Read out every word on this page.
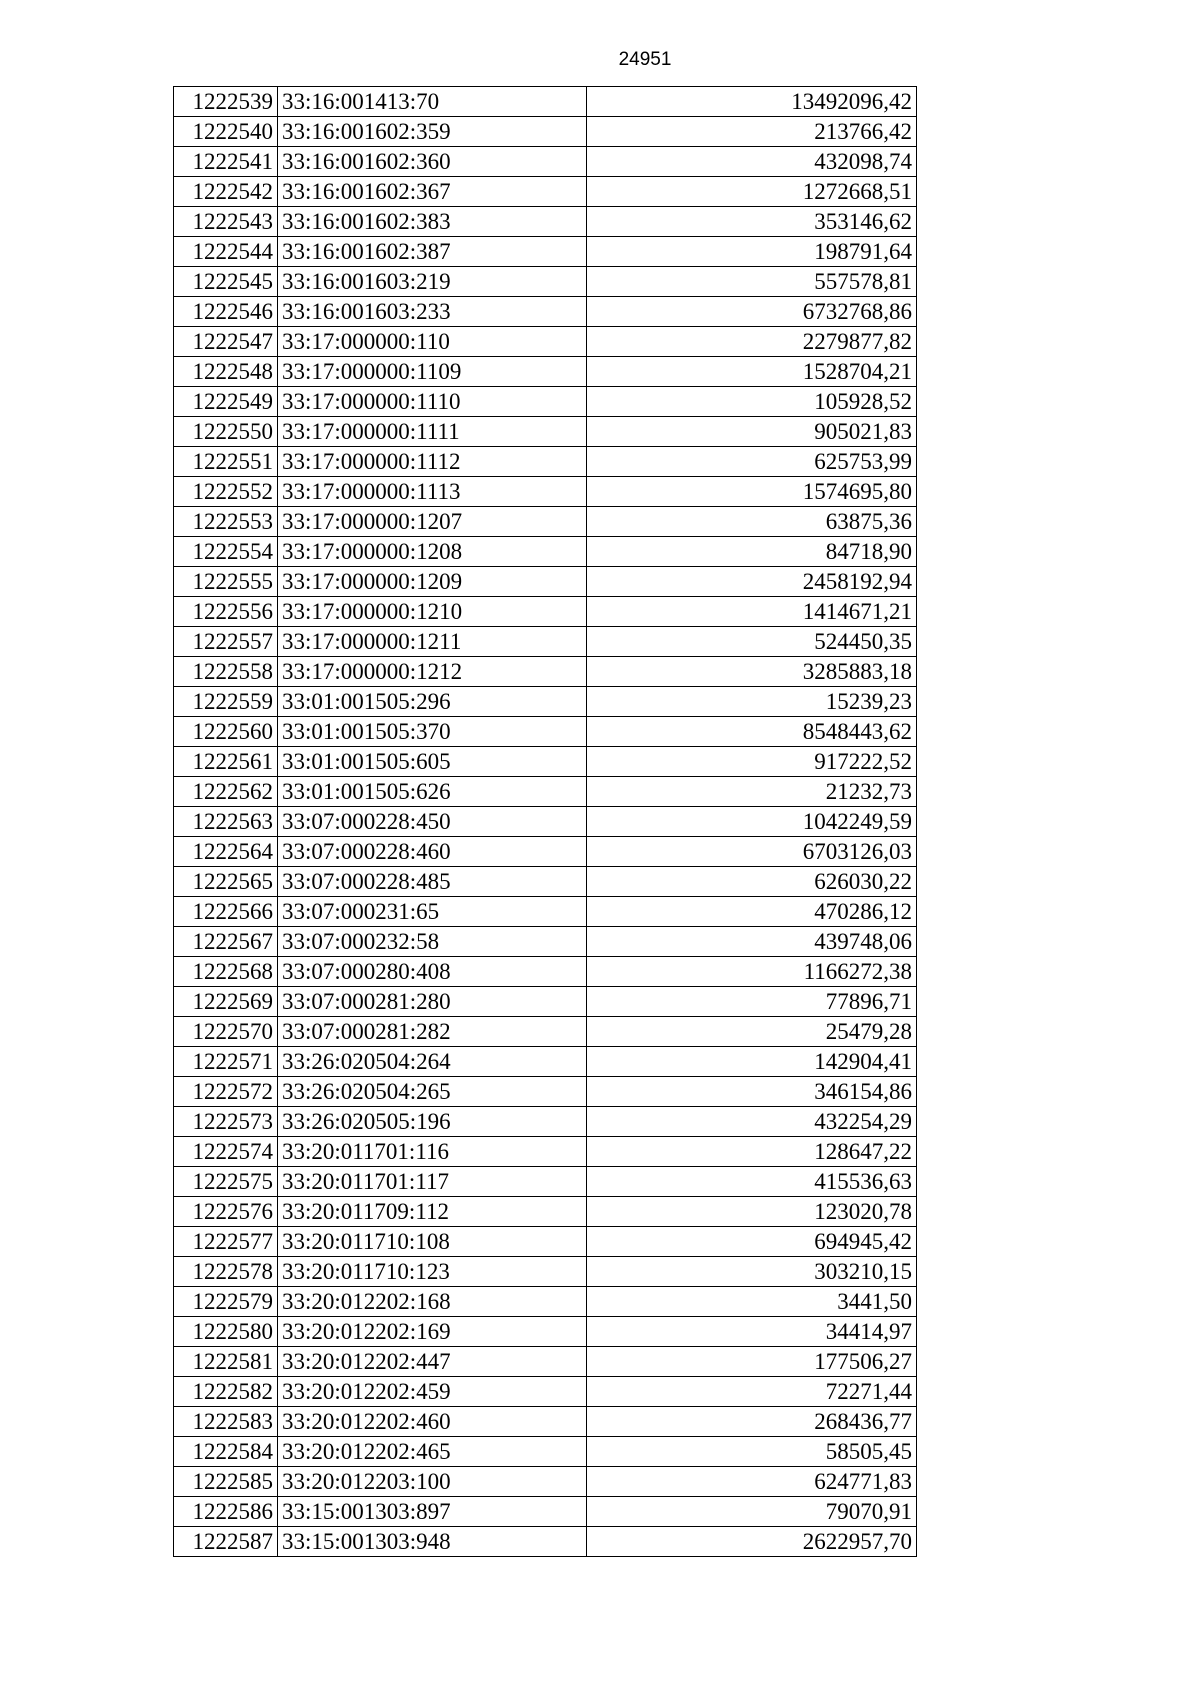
24951
1222539	33:16:001413:70	13492096,42
1222540	33:16:001602:359	213766,42
1222541	33:16:001602:360	432098,74
1222542	33:16:001602:367	1272668,51
1222543	33:16:001602:383	353146,62
1222544	33:16:001602:387	198791,64
1222545	33:16:001603:219	557578,81
1222546	33:16:001603:233	6732768,86
1222547	33:17:000000:110	2279877,82
1222548	33:17:000000:1109	1528704,21
1222549	33:17:000000:1110	105928,52
1222550	33:17:000000:1111	905021,83
1222551	33:17:000000:1112	625753,99
1222552	33:17:000000:1113	1574695,80
1222553	33:17:000000:1207	63875,36
1222554	33:17:000000:1208	84718,90
1222555	33:17:000000:1209	2458192,94
1222556	33:17:000000:1210	1414671,21
1222557	33:17:000000:1211	524450,35
1222558	33:17:000000:1212	3285883,18
1222559	33:01:001505:296	15239,23
1222560	33:01:001505:370	8548443,62
1222561	33:01:001505:605	917222,52
1222562	33:01:001505:626	21232,73
1222563	33:07:000228:450	1042249,59
1222564	33:07:000228:460	6703126,03
1222565	33:07:000228:485	626030,22
1222566	33:07:000231:65	470286,12
1222567	33:07:000232:58	439748,06
1222568	33:07:000280:408	1166272,38
1222569	33:07:000281:280	77896,71
1222570	33:07:000281:282	25479,28
1222571	33:26:020504:264	142904,41
1222572	33:26:020504:265	346154,86
1222573	33:26:020505:196	432254,29
1222574	33:20:011701:116	128647,22
1222575	33:20:011701:117	415536,63
1222576	33:20:011709:112	123020,78
1222577	33:20:011710:108	694945,42
1222578	33:20:011710:123	303210,15
1222579	33:20:012202:168	3441,50
1222580	33:20:012202:169	34414,97
1222581	33:20:012202:447	177506,27
1222582	33:20:012202:459	72271,44
1222583	33:20:012202:460	268436,77
1222584	33:20:012202:465	58505,45
1222585	33:20:012203:100	624771,83
1222586	33:15:001303:897	79070,91
1222587	33:15:001303:948	2622957,70
